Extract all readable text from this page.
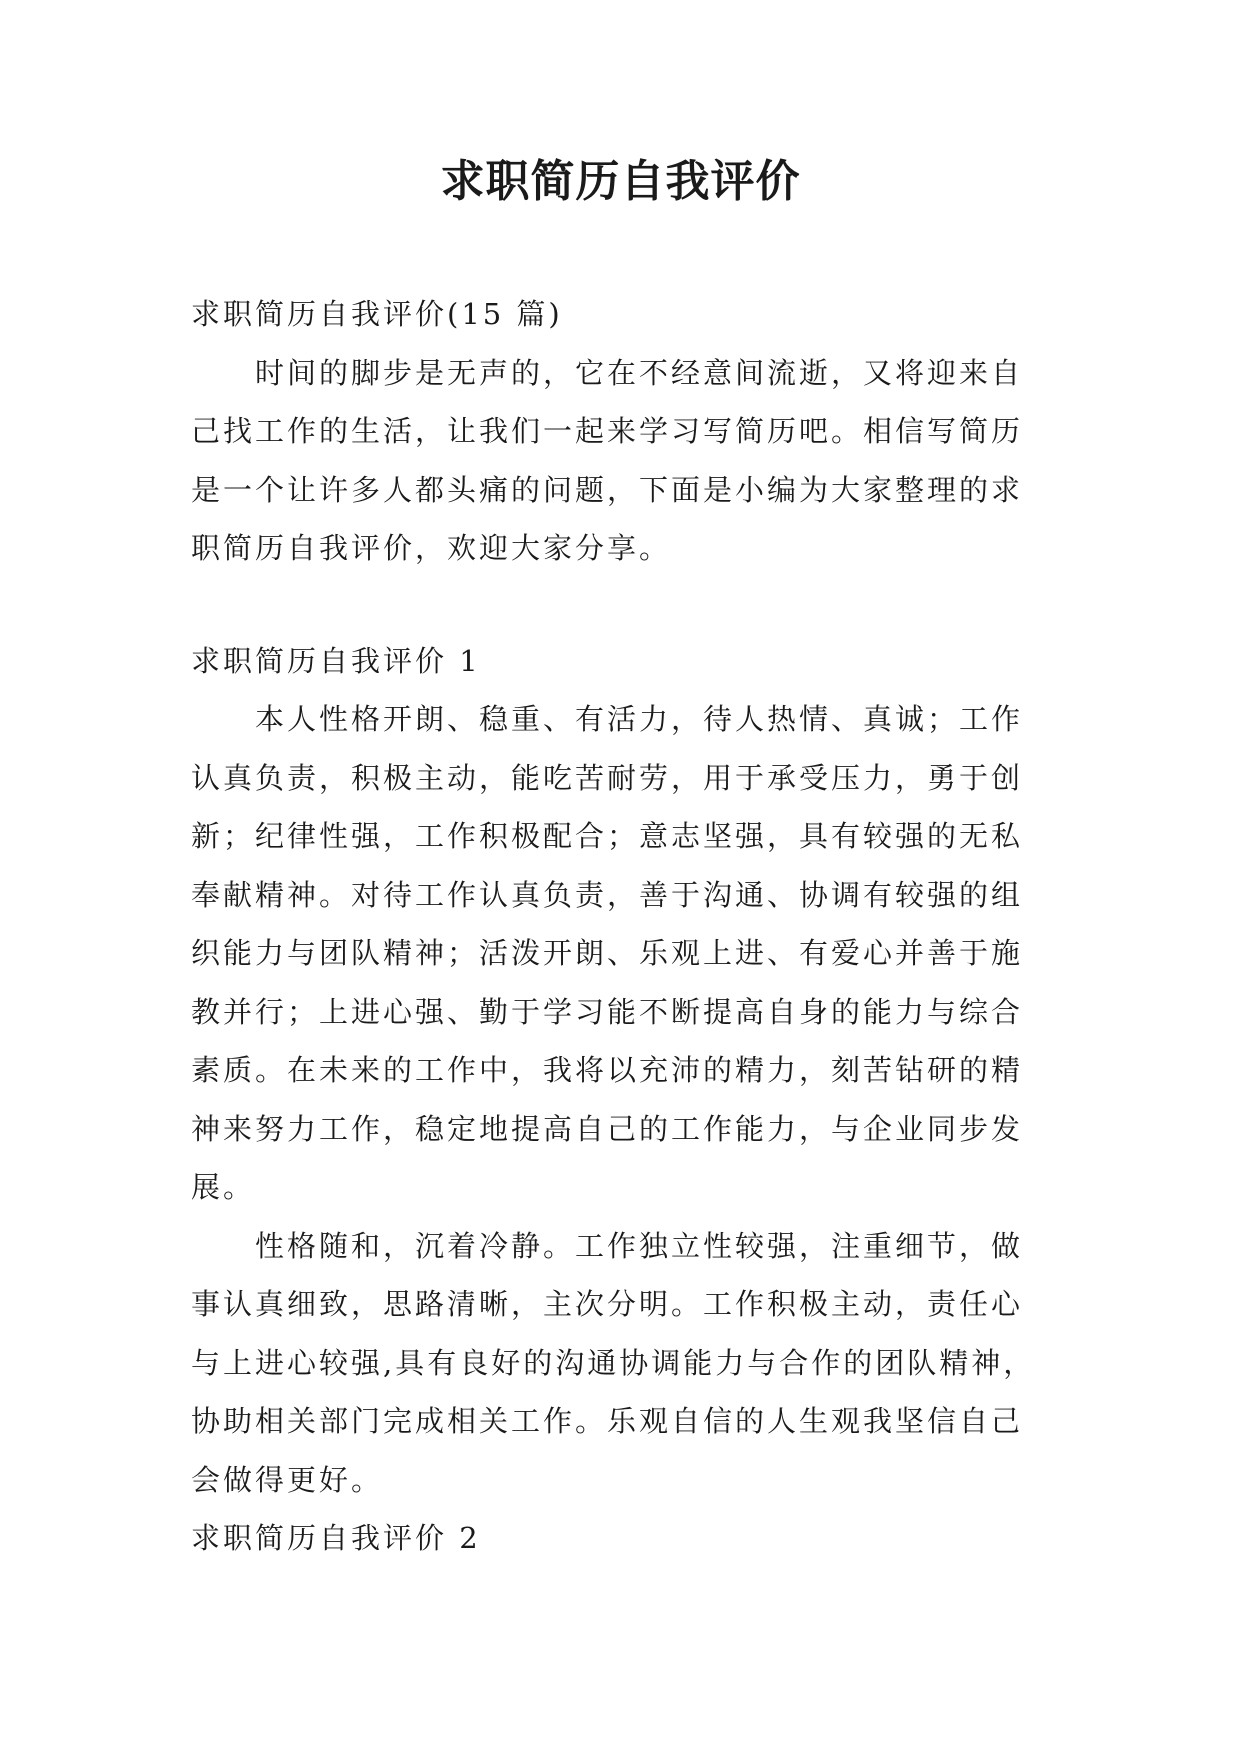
求职简历自我评价
求职简历自我评价(15 篇)
时间的脚步是无声的，它在不经意间流逝，又将迎来自
己找工作的生活，让我们一起来学习写简历吧。相信写简历
是一个让许多人都头痛的问题，下面是小编为大家整理的求
职简历自我评价，欢迎大家分享。
求职简历自我评价 1
本人性格开朗、稳重、有活力，待人热情、真诚；工作
认真负责，积极主动，能吃苦耐劳，用于承受压力，勇于创
新；纪律性强，工作积极配合；意志坚强，具有较强的无私
奉献精神。对待工作认真负责，善于沟通、协调有较强的组
织能力与团队精神；活泼开朗、乐观上进、有爱心并善于施
教并行；上进心强、勤于学习能不断提高自身的能力与综合
素质。在未来的工作中，我将以充沛的精力，刻苦钻研的精
神来努力工作，稳定地提高自己的工作能力，与企业同步发
展。
性格随和，沉着冷静。工作独立性较强，注重细节，做
事认真细致，思路清晰，主次分明。工作积极主动，责任心
与上进心较强,具有良好的沟通协调能力与合作的团队精神，
协助相关部门完成相关工作。乐观自信的人生观我坚信自己
会做得更好。
求职简历自我评价 2
